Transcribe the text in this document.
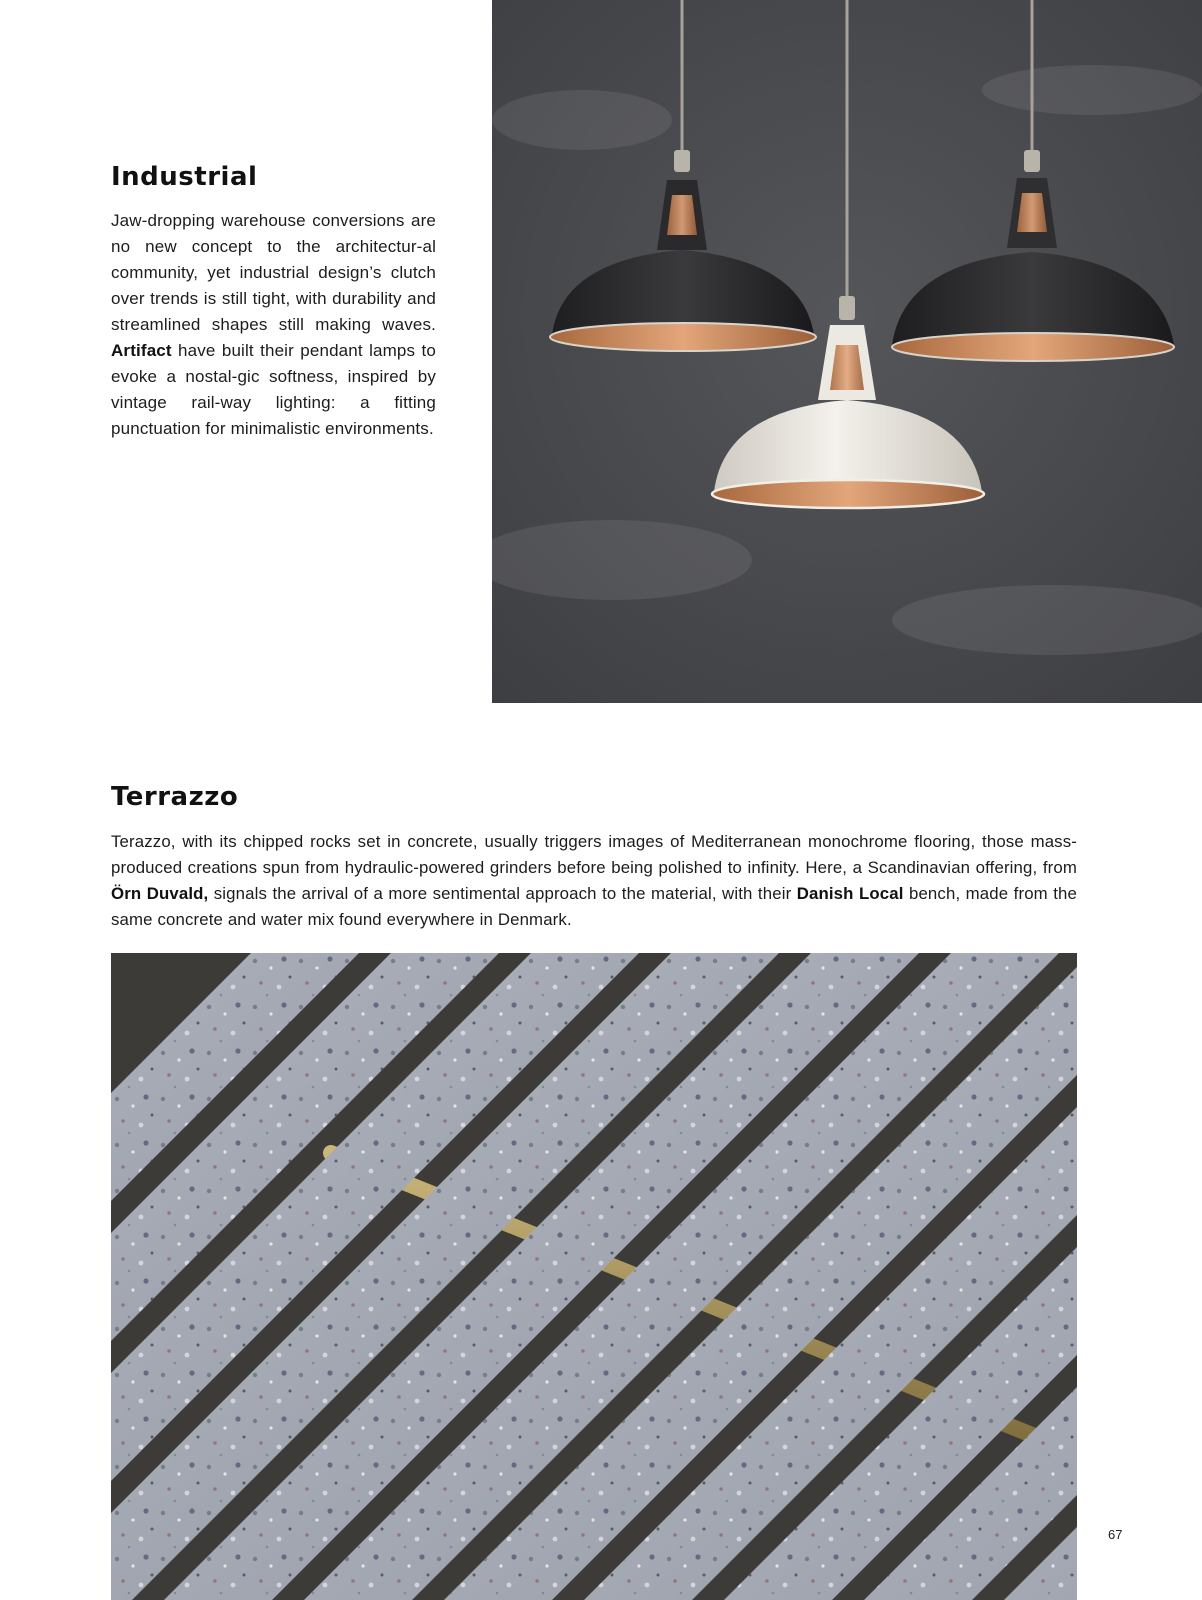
Industrial

Jaw-dropping warehouse conversions are no new concept to the architectur-al community, yet industrial design’s clutch over trends is still tight, with durability and streamlined shapes still making waves. Artifact have built their pendant lamps to evoke a nostal-gic softness, inspired by vintage rail-way lighting: a fitting punctuation for minimalistic environments.

Terrazzo

Terazzo, with its chipped rocks set in concrete, usually triggers images of Mediterranean monochrome flooring, those mass-produced creations spun from hydraulic-powered grinders before being polished to infinity. Here, a Scandinavian offering, from Örn Duvald, signals the arrival of a more sentimental approach to the material, with their Danish Local bench, made from the same concrete and water mix found everywhere in Denmark.

67
